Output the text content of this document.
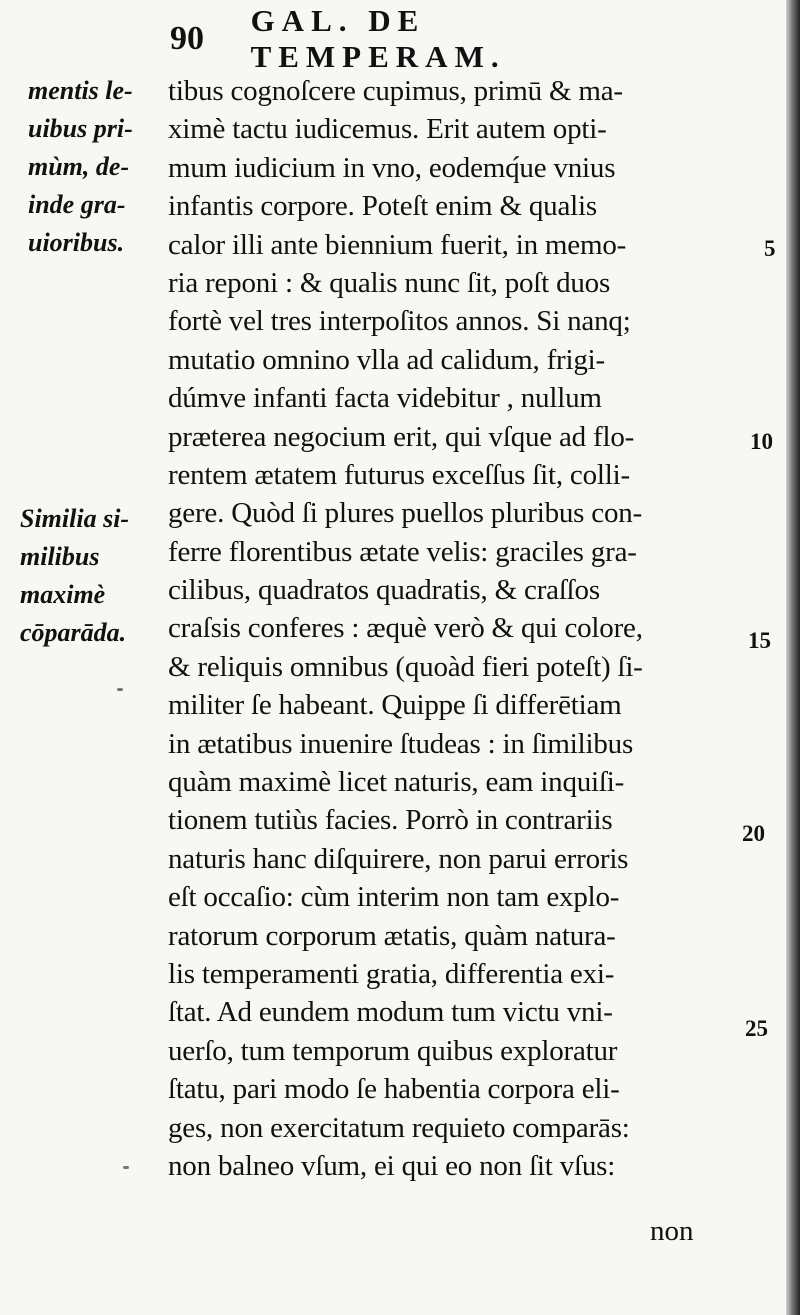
90 GAL. DE TEMPERAM.

mentis le-
uibus pri-
mùm, de-
inde gra-
uioribus.

Similia si-
milibus
maximè
cōparāda.

tibus cognoſcere cupimus, primū & ma-
ximè tactu iudicemus. Erit autem opti-
mum iudicium in vno, eodemq́ue vnius
infantis corpore. Poteſt enim & qualis
calor illi ante biennium fuerit, in memo-
ria reponi : & qualis nunc ſit, poſt duos
fortè vel tres interpoſitos annos. Si nanq;
mutatio omnino vlla ad calidum, frigi-
dúmve infanti facta videbitur , nullum
præterea negocium erit, qui vſque ad flo-
rentem ætatem futurus exceſſus ſit, colli-
gere. Quòd ſi plures puellos pluribus con-
ferre florentibus ætate velis: graciles gra-
cilibus, quadratos quadratis, & craſſos
craſsis conferes : æquè verò & qui colore,
& reliquis omnibus (quoàd fieri poteſt) ſi-
militer ſe habeant. Quippe ſi differētiam
in ætatibus inuenire ſtudeas : in ſimilibus
quàm maximè licet naturis, eam inquiſi-
tionem tutiùs facies. Porrò in contrariis
naturis hanc diſquirere, non parui erroris
eſt occaſio: cùm interim non tam explo-
ratorum corporum ætatis, quàm natura-
lis temperamenti gratia, differentia exi-
ſtat. Ad eundem modum tum victu vni-
uerſo, tum temporum quibus exploratur
ſtatu, pari modo ſe habentia corpora eli-
ges, non exercitatum requieto comparās:
non balneo vſum, ei qui eo non ſit vſus:
non
5
10
15
20
25
